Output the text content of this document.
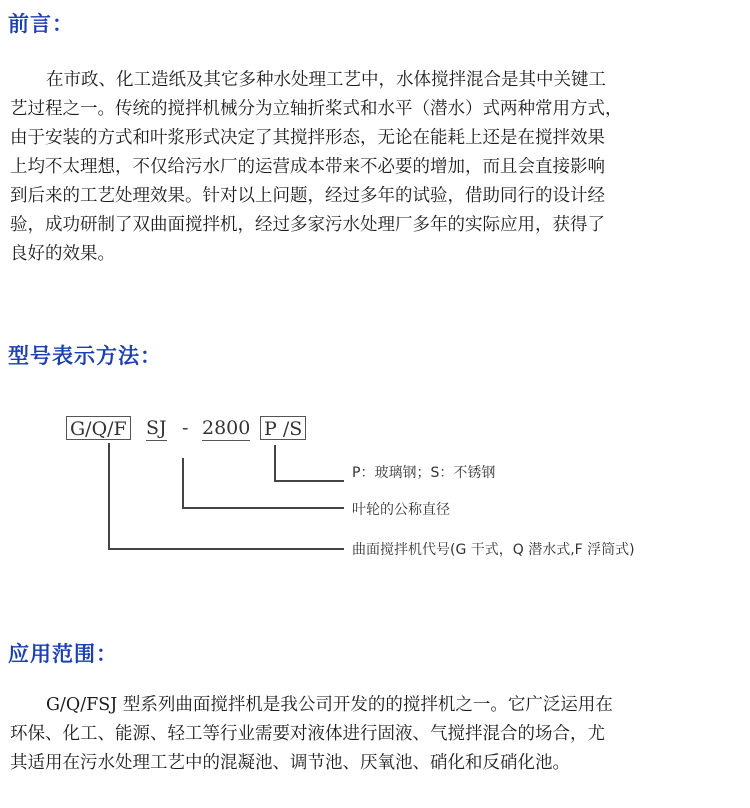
前言：

在市政、化工造纸及其它多种水处理工艺中，水体搅拌混合是其中关键工
艺过程之一。传统的搅拌机械分为立轴折桨式和水平（潜水）式两种常用方式，
由于安装的方式和叶浆形式决定了其搅拌形态，无论在能耗上还是在搅拌效果
上均不太理想，不仅给污水厂的运营成本带来不必要的增加，而且会直接影响
到后来的工艺处理效果。针对以上问题，经过多年的试验，借助同行的设计经
验，成功研制了双曲面搅拌机，经过多家污水处理厂多年的实际应用，获得了
良好的效果。

型号表示方法：
G/Q/F SJ - 2800 P /S
P：玻璃钢；S：不锈钢
叶轮的公称直径
曲面搅拌机代号(G 干式，Q 潜水式,F 浮筒式)
应用范围：

G/Q/FSJ 型系列曲面搅拌机是我公司开发的的搅拌机之一。它广泛运用在
环保、化工、能源、轻工等行业需要对液体进行固液、气搅拌混合的场合，尤
其适用在污水处理工艺中的混凝池、调节池、厌氧池、硝化和反硝化池。
